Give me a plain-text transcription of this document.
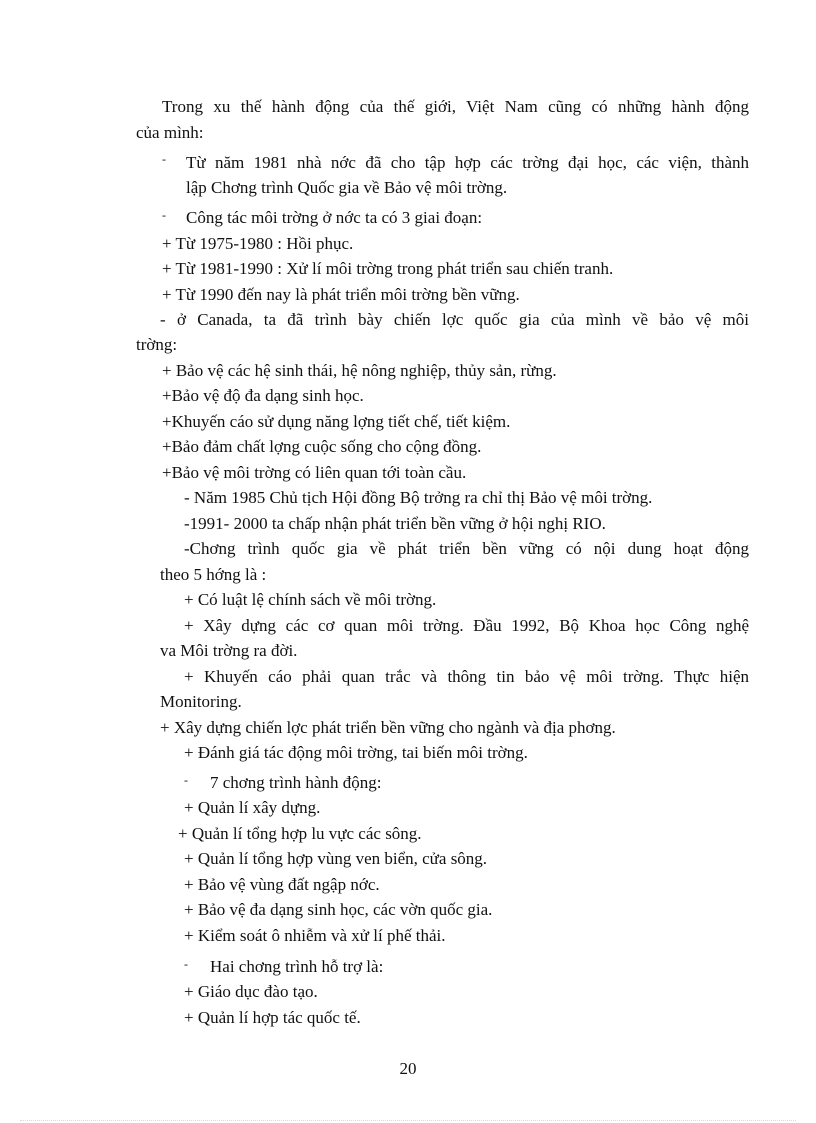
Trong xu thế hành động của thế giới, Việt Nam cũng có những hành động
của mình:
- Từ năm 1981 nhà nớc đã cho tập hợp các trờng đại học, các viện, thành
lập Chơng trình Quốc gia về Bảo vệ môi trờng.
- Công tác môi trờng ở nớc ta có 3 giai đoạn:
+ Từ 1975-1980 : Hồi phục.
+ Từ 1981-1990 : Xử lí môi trờng trong phát triển sau chiến tranh.
+ Từ 1990 đến nay là phát triển môi trờng bền vững.
- ở Canada, ta đã trình bày chiến lợc quốc gia của mình về bảo vệ môi
trờng:
+ Bảo vệ các hệ sinh thái, hệ nông nghiệp, thủy sản, rừng.
+Bảo vệ độ đa dạng sinh học.
+Khuyến cáo sử dụng năng lợng tiết chế, tiết kiệm.
+Bảo đảm chất lợng cuộc sống cho cộng đồng.
+Bảo vệ môi trờng có liên quan tới toàn cầu.
- Năm 1985 Chủ tịch Hội đồng Bộ trởng ra chỉ thị Bảo vệ môi trờng.
-1991- 2000 ta chấp nhận phát triển bền vững ở hội nghị RIO.
-Chơng trình quốc gia về phát triển bền vững có nội dung hoạt động
theo 5 hớng là :
+ Có luật lệ chính sách về môi trờng.
+ Xây dựng các cơ quan môi trờng. Đầu 1992, Bộ Khoa học Công nghệ
va Môi trờng ra đời.
+ Khuyến cáo phải quan trắc và thông tin bảo vệ môi trờng. Thực hiện
Monitoring.
+ Xây dựng chiến lợc phát triển bền vững cho ngành và địa phơng.
+ Đánh giá tác động môi trờng, tai biến môi trờng.
- 7 chơng trình hành động:
+ Quản lí xây dựng.
+ Quản lí tổng hợp lu vực các sông.
+ Quản lí tổng hợp vùng ven biển, cửa sông.
+ Bảo vệ vùng đất ngập nớc.
+ Bảo vệ đa dạng sinh học, các vờn quốc gia.
+ Kiểm soát ô nhiễm và xử lí phế thải.
- Hai chơng trình hỗ trợ là:
+ Giáo dục đào tạo.
+ Quản lí hợp tác quốc tế.
20
